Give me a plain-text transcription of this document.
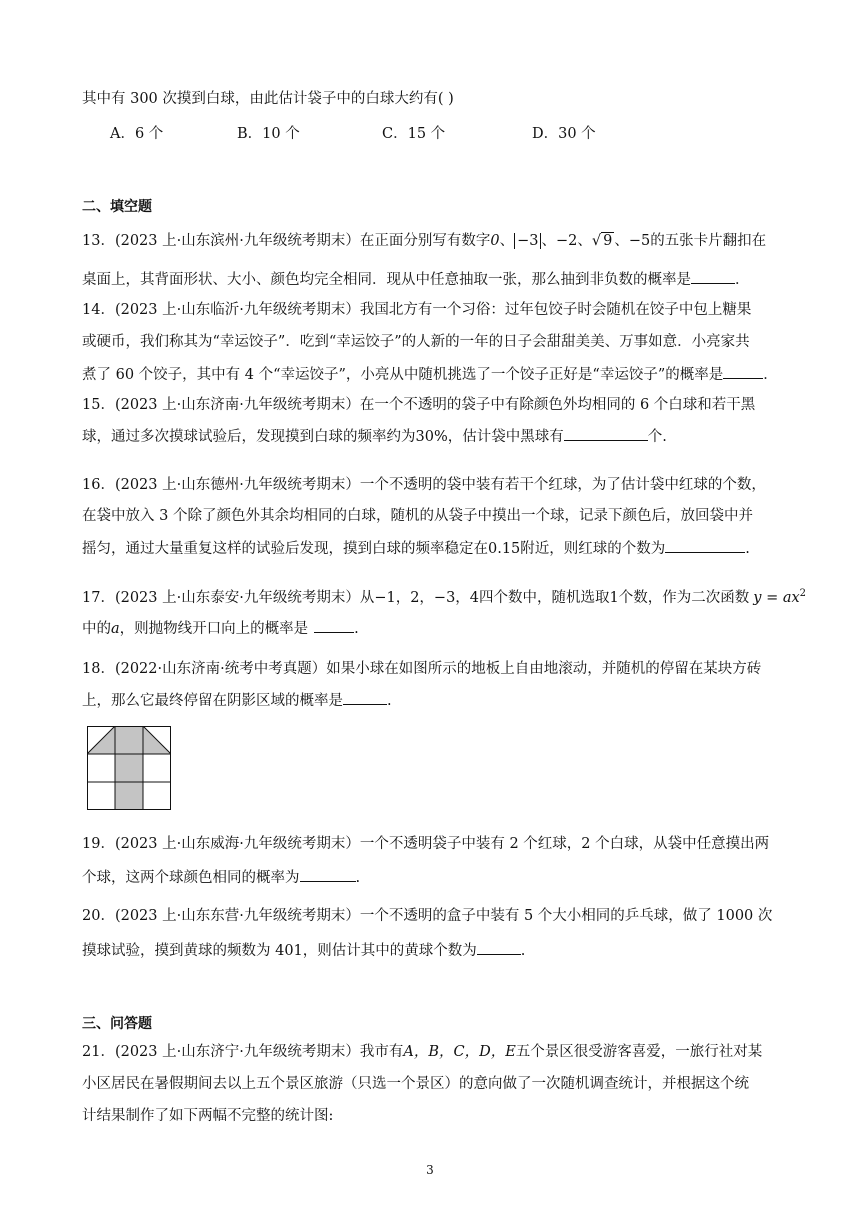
其中有 300 次摸到白球，由此估计袋子中的白球大约有( )
A．6 个	B．10 个	C．15 个	D．30 个
二、填空题
13．(2023 上·山东滨州·九年级统考期末）在正面分别写有数字0、 −3 、−2、√ 9 、−5的五张卡片翻扣在
桌面上，其背面形状、大小、颜色均完全相同．现从中任意抽取一张，那么抽到非负数的概率是	．
14．(2023 上·山东临沂·九年级统考期末）我国北方有一个习俗：过年包饺子时会随机在饺子中包上糖果
或硬币，我们称其为“幸运饺子”．吃到“幸运饺子”的人新的一年的日子会甜甜美美、万事如意．小亮家共
煮了 60 个饺子，其中有 4 个“幸运饺子”，小亮从中随机挑选了一个饺子正好是“幸运饺子”的概率是	．
15．(2023 上·山东济南·九年级统考期末）在一个不透明的袋子中有除颜色外均相同的 6 个白球和若干黑
球，通过多次摸球试验后，发现摸到白球的频率约为30%，估计袋中黑球有	个.
16．(2023 上·山东德州·九年级统考期末）一个不透明的袋中装有若干个红球，为了估计袋中红球的个数，
在袋中放入 3 个除了颜色外其余均相同的白球，随机的从袋子中摸出一个球，记录下颜色后，放回袋中并
摇匀，通过大量重复这样的试验后发现，摸到白球的频率稳定在0.15附近，则红球的个数为	.
17．(2023 上·山东泰安·九年级统考期末）从−1，2，−3，4四个数中，随机选取1个数，作为二次函数 $y = ax^2$
中的a，则抛物线开口向上的概率是	.
18．(2022·山东济南·统考中考真题）如果小球在如图所示的地板上自由地滚动，并随机的停留在某块方砖
上，那么它最终停留在阴影区域的概率是	.
19．(2023 上·山东威海·九年级统考期末）一个不透明袋子中装有 2 个红球，2 个白球，从袋中任意摸出两
个球，这两个球颜色相同的概率为	.
20．(2023 上·山东东营·九年级统考期末）一个不透明的盒子中装有 5 个大小相同的乒乓球，做了 1000 次
摸球试验，摸到黄球的频数为 401，则估计其中的黄球个数为	.
三、问答题
21．(2023 上·山东济宁·九年级统考期末）我市有A，B，C，D，E五个景区很受游客喜爱，一旅行社对某
小区居民在暑假期间去以上五个景区旅游（只选一个景区）的意向做了一次随机调查统计，并根据这个统
计结果制作了如下两幅不完整的统计图:
3
